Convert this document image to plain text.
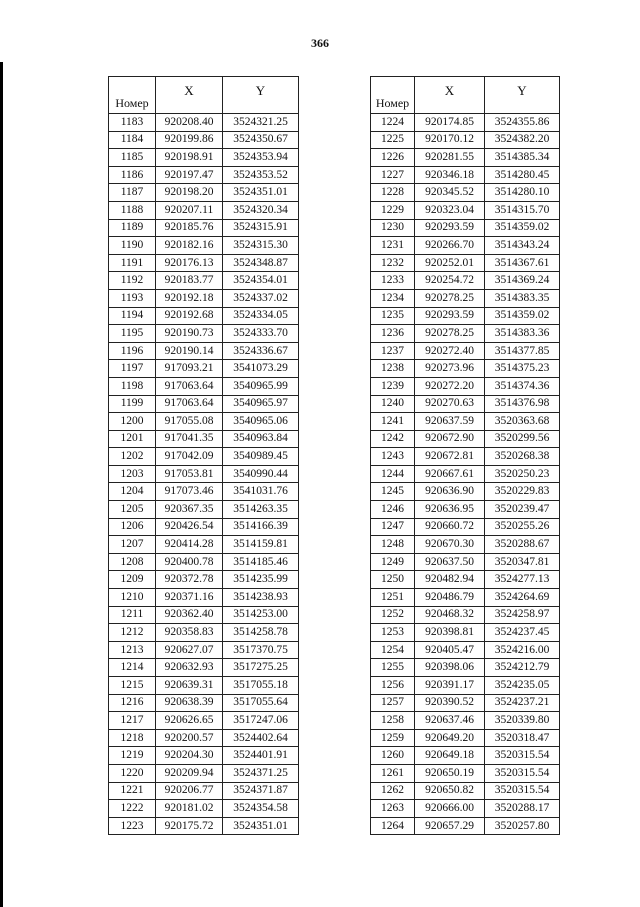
366
Номер	X	Y
1183	920208.40	3524321.25
1184	920199.86	3524350.67
1185	920198.91	3524353.94
1186	920197.47	3524353.52
1187	920198.20	3524351.01
1188	920207.11	3524320.34
1189	920185.76	3524315.91
1190	920182.16	3524315.30
1191	920176.13	3524348.87
1192	920183.77	3524354.01
1193	920192.18	3524337.02
1194	920192.68	3524334.05
1195	920190.73	3524333.70
1196	920190.14	3524336.67
1197	917093.21	3541073.29
1198	917063.64	3540965.99
1199	917063.64	3540965.97
1200	917055.08	3540965.06
1201	917041.35	3540963.84
1202	917042.09	3540989.45
1203	917053.81	3540990.44
1204	917073.46	3541031.76
1205	920367.35	3514263.35
1206	920426.54	3514166.39
1207	920414.28	3514159.81
1208	920400.78	3514185.46
1209	920372.78	3514235.99
1210	920371.16	3514238.93
1211	920362.40	3514253.00
1212	920358.83	3514258.78
1213	920627.07	3517370.75
1214	920632.93	3517275.25
1215	920639.31	3517055.18
1216	920638.39	3517055.64
1217	920626.65	3517247.06
1218	920200.57	3524402.64
1219	920204.30	3524401.91
1220	920209.94	3524371.25
1221	920206.77	3524371.87
1222	920181.02	3524354.58
1223	920175.72	3524351.01
Номер	X	Y
1224	920174.85	3524355.86
1225	920170.12	3524382.20
1226	920281.55	3514385.34
1227	920346.18	3514280.45
1228	920345.52	3514280.10
1229	920323.04	3514315.70
1230	920293.59	3514359.02
1231	920266.70	3514343.24
1232	920252.01	3514367.61
1233	920254.72	3514369.24
1234	920278.25	3514383.35
1235	920293.59	3514359.02
1236	920278.25	3514383.36
1237	920272.40	3514377.85
1238	920273.96	3514375.23
1239	920272.20	3514374.36
1240	920270.63	3514376.98
1241	920637.59	3520363.68
1242	920672.90	3520299.56
1243	920672.81	3520268.38
1244	920667.61	3520250.23
1245	920636.90	3520229.83
1246	920636.95	3520239.47
1247	920660.72	3520255.26
1248	920670.30	3520288.67
1249	920637.50	3520347.81
1250	920482.94	3524277.13
1251	920486.79	3524264.69
1252	920468.32	3524258.97
1253	920398.81	3524237.45
1254	920405.47	3524216.00
1255	920398.06	3524212.79
1256	920391.17	3524235.05
1257	920390.52	3524237.21
1258	920637.46	3520339.80
1259	920649.20	3520318.47
1260	920649.18	3520315.54
1261	920650.19	3520315.54
1262	920650.82	3520315.54
1263	920666.00	3520288.17
1264	920657.29	3520257.80
